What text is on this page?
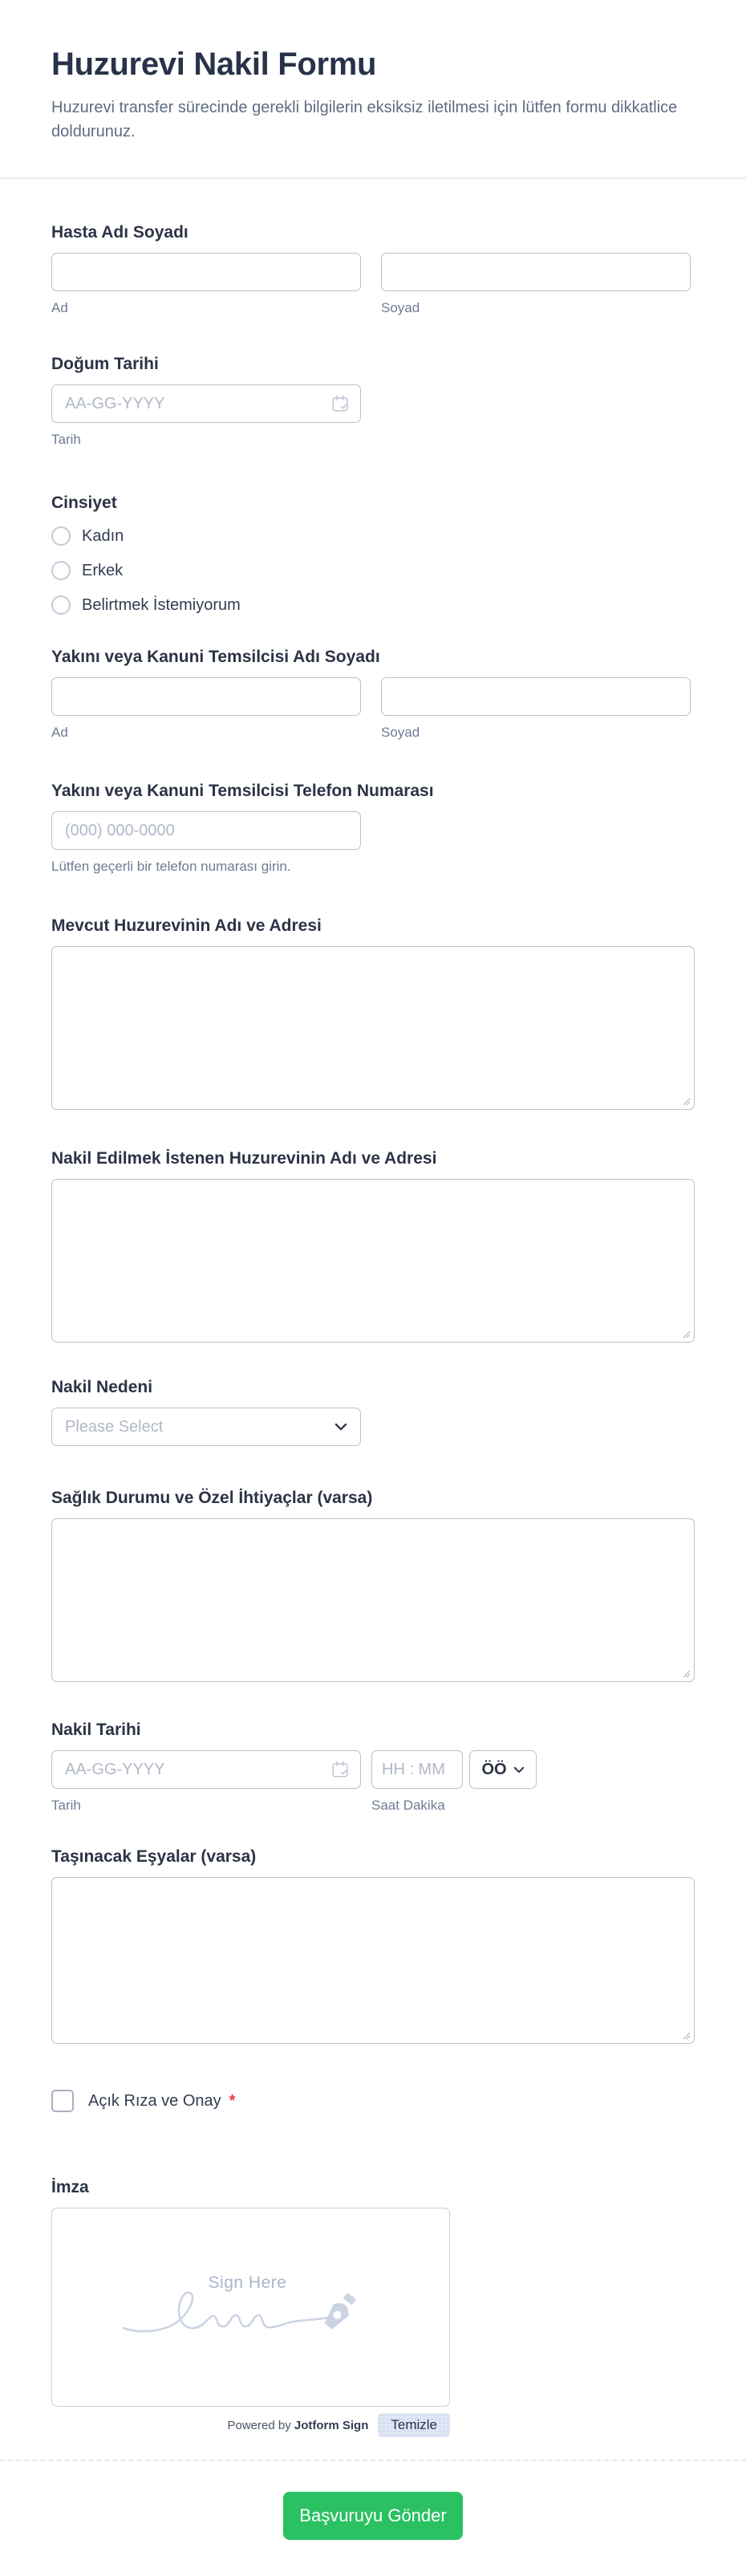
Huzurevi Nakil Formu
Huzurevi transfer sürecinde gerekli bilgilerin eksiksiz iletilmesi için lütfen formu dikkatlice doldurunuz.
Hasta Adı Soyadı
Ad	Soyad
Doğum Tarihi
AA-GG-YYYY
Tarih
Cinsiyet
Kadın
Erkek
Belirtmek İstemiyorum
Yakını veya Kanuni Temsilcisi Adı Soyadı
Ad	Soyad
Yakını veya Kanuni Temsilcisi Telefon Numarası
(000) 000-0000
Lütfen geçerli bir telefon numarası girin.
Mevcut Huzurevinin Adı ve Adresi
Nakil Edilmek İstenen Huzurevinin Adı ve Adresi
Nakil Nedeni
Please Select
Sağlık Durumu ve Özel İhtiyaçlar (varsa)
Nakil Tarihi
AA-GG-YYYY
Tarih
HH : MM	Saat Dakika
ÖÖ
Taşınacak Eşyalar (varsa)
Açık Rıza ve Onay *
İmza
Sign Here
Powered by Jotform Sign	Temizle
Başvuruyu Gönder
